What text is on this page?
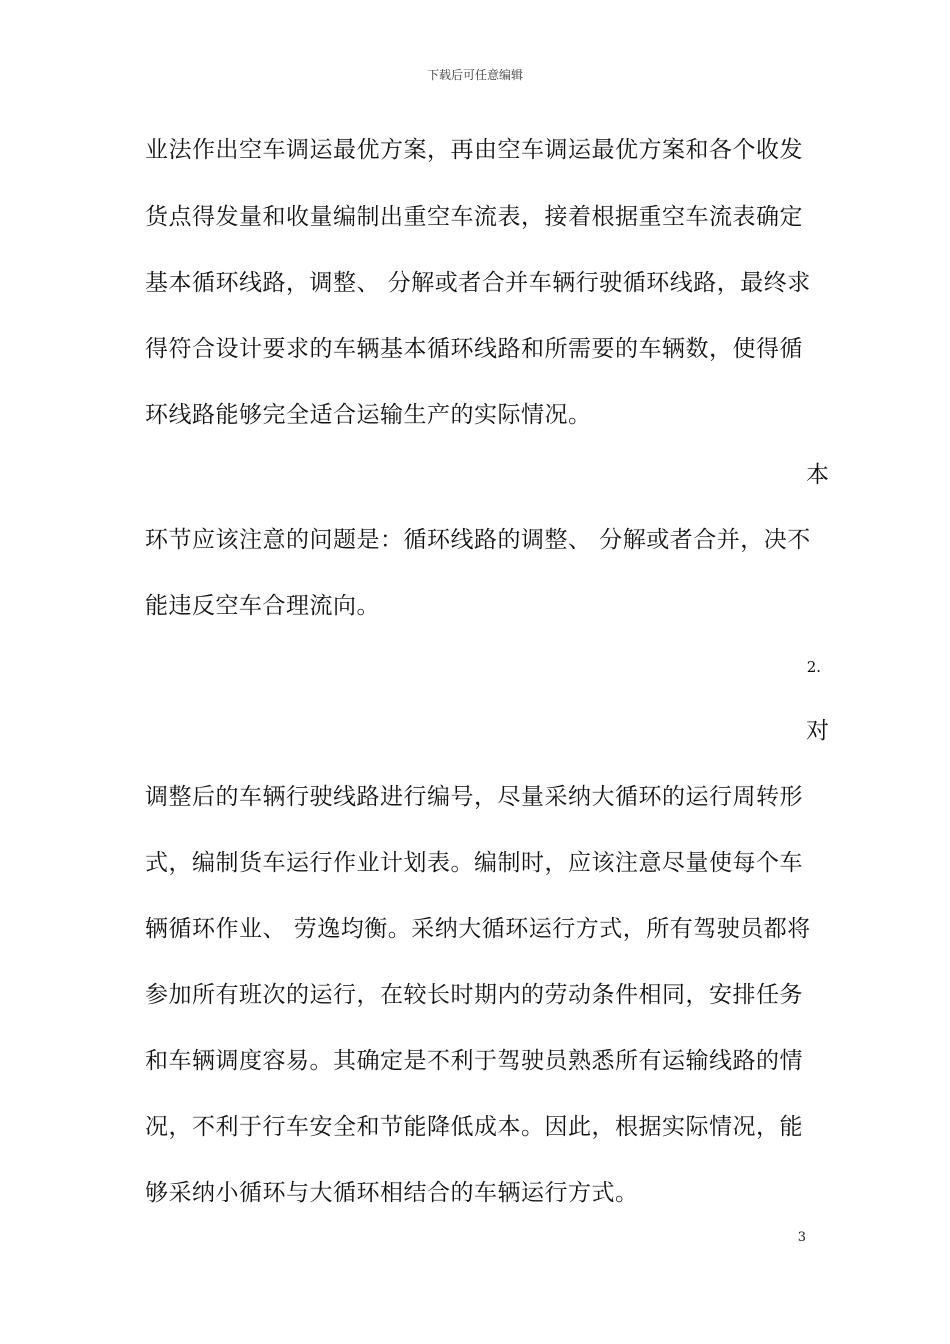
下载后可任意编辑
业法作出空车调运最优方案，再由空车调运最优方案和各个收发
货点得发量和收量编制出重空车流表，接着根据重空车流表确定
基本循环线路，调整、 分解或者合并车辆行驶循环线路，最终求
得符合设计要求的车辆基本循环线路和所需要的车辆数，使得循
环线路能够完全适合运输生产的实际情况。
本
环节应该注意的问题是：循环线路的调整、 分解或者合并，决不
能违反空车合理流向。
2.
对
调整后的车辆行驶线路进行编号，尽量采纳大循环的运行周转形
式，编制货车运行作业计划表。编制时，应该注意尽量使每个车
辆循环作业、 劳逸均衡。采纳大循环运行方式，所有驾驶员都将
参加所有班次的运行，在较长时期内的劳动条件相同，安排任务
和车辆调度容易。其确定是不利于驾驶员熟悉所有运输线路的情
况，不利于行车安全和节能降低成本。因此，根据实际情况，能
够采纳小循环与大循环相结合的车辆运行方式。
3
